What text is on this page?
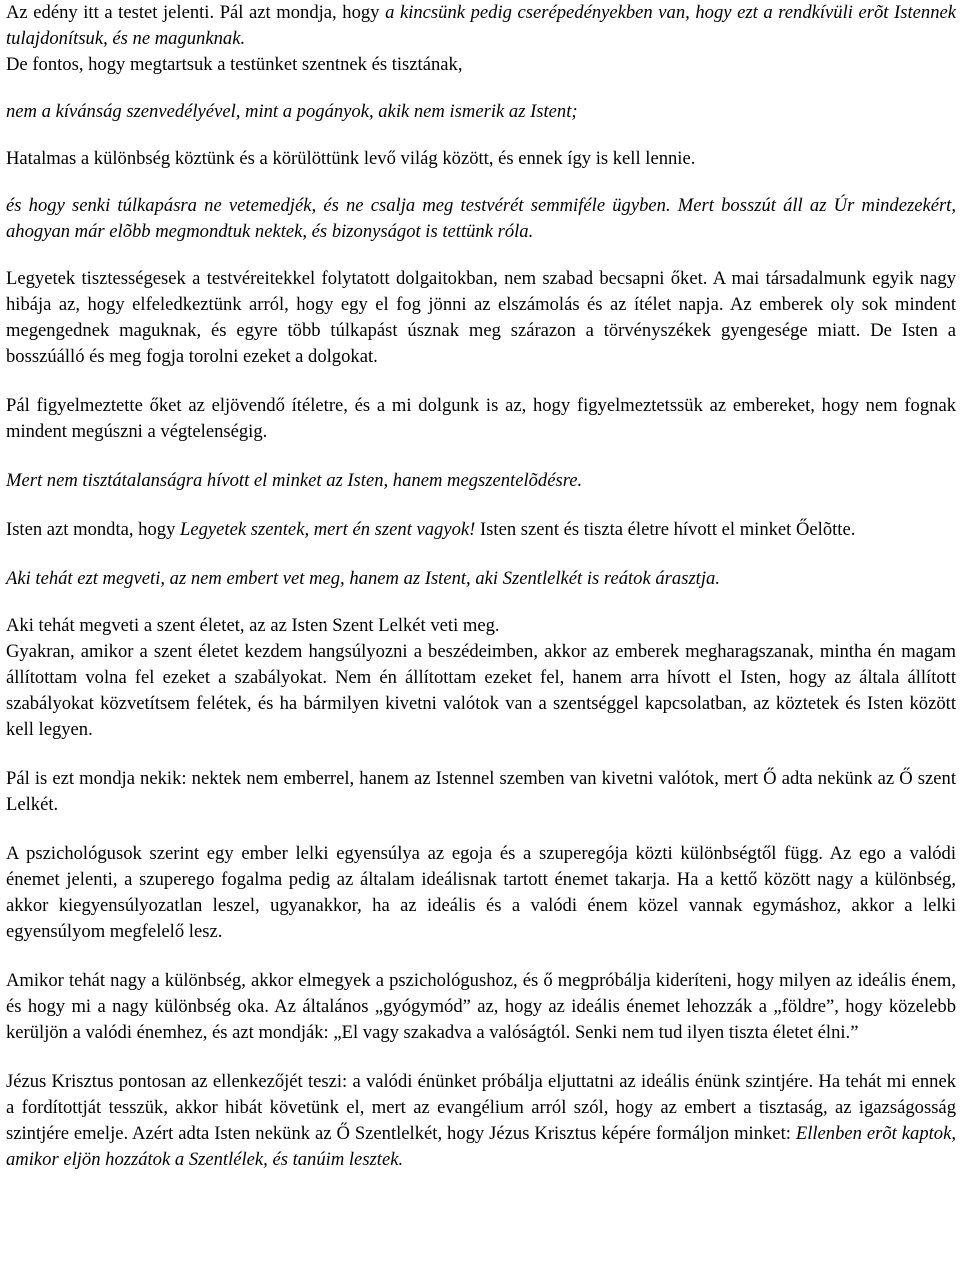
Az edény itt a testet jelenti. Pál azt mondja, hogy a kincsünk pedig cserépedényekben van, hogy ezt a rendkívüli erõt Istennek tulajdonítsuk, és ne magunknak.

De fontos, hogy megtartsuk a testünket szentnek és tisztának,

nem a kívánság szenvedélyével, mint a pogányok, akik nem ismerik az Istent;

Hatalmas a különbség köztünk és a körülöttünk levő világ között, és ennek így is kell lennie.

és hogy senki túlkapásra ne vetemedjék, és ne csalja meg testvérét semmiféle ügyben. Mert bosszút áll az Úr mindezekért, ahogyan már elõbb megmondtuk nektek, és bizonyságot is tettünk róla.

Legyetek tisztességesek a testvéreitekkel folytatott dolgaitokban, nem szabad becsapni őket. A mai társadalmunk egyik nagy hibája az, hogy elfeledkeztünk arról, hogy egy el fog jönni az elszámolás és az ítélet napja. Az emberek oly sok mindent megengednek maguknak, és egyre több túlkapást úsznak meg szárazon a törvényszékek gyengesége miatt. De Isten a bosszúálló és meg fogja torolni ezeket a dolgokat.

Pál figyelmeztette őket az eljövendő ítéletre, és a mi dolgunk is az, hogy figyelmeztetssük az embereket, hogy nem fognak mindent megúszni a végtelenségig.

Mert nem tisztátalanságra hívott el minket az Isten, hanem megszentelõdésre.

Isten azt mondta, hogy Legyetek szentek, mert én szent vagyok! Isten szent és tiszta életre hívott el minket Őelõtte.

Aki tehát ezt megveti, az nem embert vet meg, hanem az Istent, aki Szentlelkét is reátok árasztja.

Aki tehát megveti a szent életet, az az Isten Szent Lelkét veti meg.

Gyakran, amikor a szent életet kezdem hangsúlyozni a beszédeimben, akkor az emberek megharagszanak, mintha én magam állítottam volna fel ezeket a szabályokat. Nem én állítottam ezeket fel, hanem arra hívott el Isten, hogy az általa állított szabályokat közvetítsem felétek, és ha bármilyen kivetni valótok van a szentséggel kapcsolatban, az köztetek és Isten között kell legyen.

Pál is ezt mondja nekik: nektek nem emberrel, hanem az Istennel szemben van kivetni valótok, mert Ő adta nekünk az Ő szent Lelkét.

A pszichológusok szerint egy ember lelki egyensúlya az egoja és a szuperegója közti különbségtől függ. Az ego a valódi énemet jelenti, a szuperego fogalma pedig az általam ideálisnak tartott énemet takarja. Ha a kettő között nagy a különbség, akkor kiegyensúlyozatlan leszel, ugyanakkor, ha az ideális és a valódi énem közel vannak egymáshoz, akkor a lelki egyensúlyom megfelelő lesz.

Amikor tehát nagy a különbség, akkor elmegyek a pszichológushoz, és ő megpróbálja kideríteni, hogy milyen az ideális énem, és hogy mi a nagy különbség oka. Az általános „gyógymód” az, hogy az ideális énemet lehozzák a „földre”, hogy közelebb kerüljön a valódi énemhez, és azt mondják: „El vagy szakadva a valóságtól. Senki nem tud ilyen tiszta életet élni.”

Jézus Krisztus pontosan az ellenkezőjét teszi: a valódi énünket próbálja eljuttatni az ideális énünk szintjére. Ha tehát mi ennek a fordítottját tesszük, akkor hibát követünk el, mert az evangélium arról szól, hogy az embert a tisztaság, az igazságosság szintjére emelje. Azért adta Isten nekünk az Ő Szentlelkét, hogy Jézus Krisztus képére formáljon minket: Ellenben erõt kaptok, amikor eljön hozzátok a Szentlélek, és tanúim lesztek.
